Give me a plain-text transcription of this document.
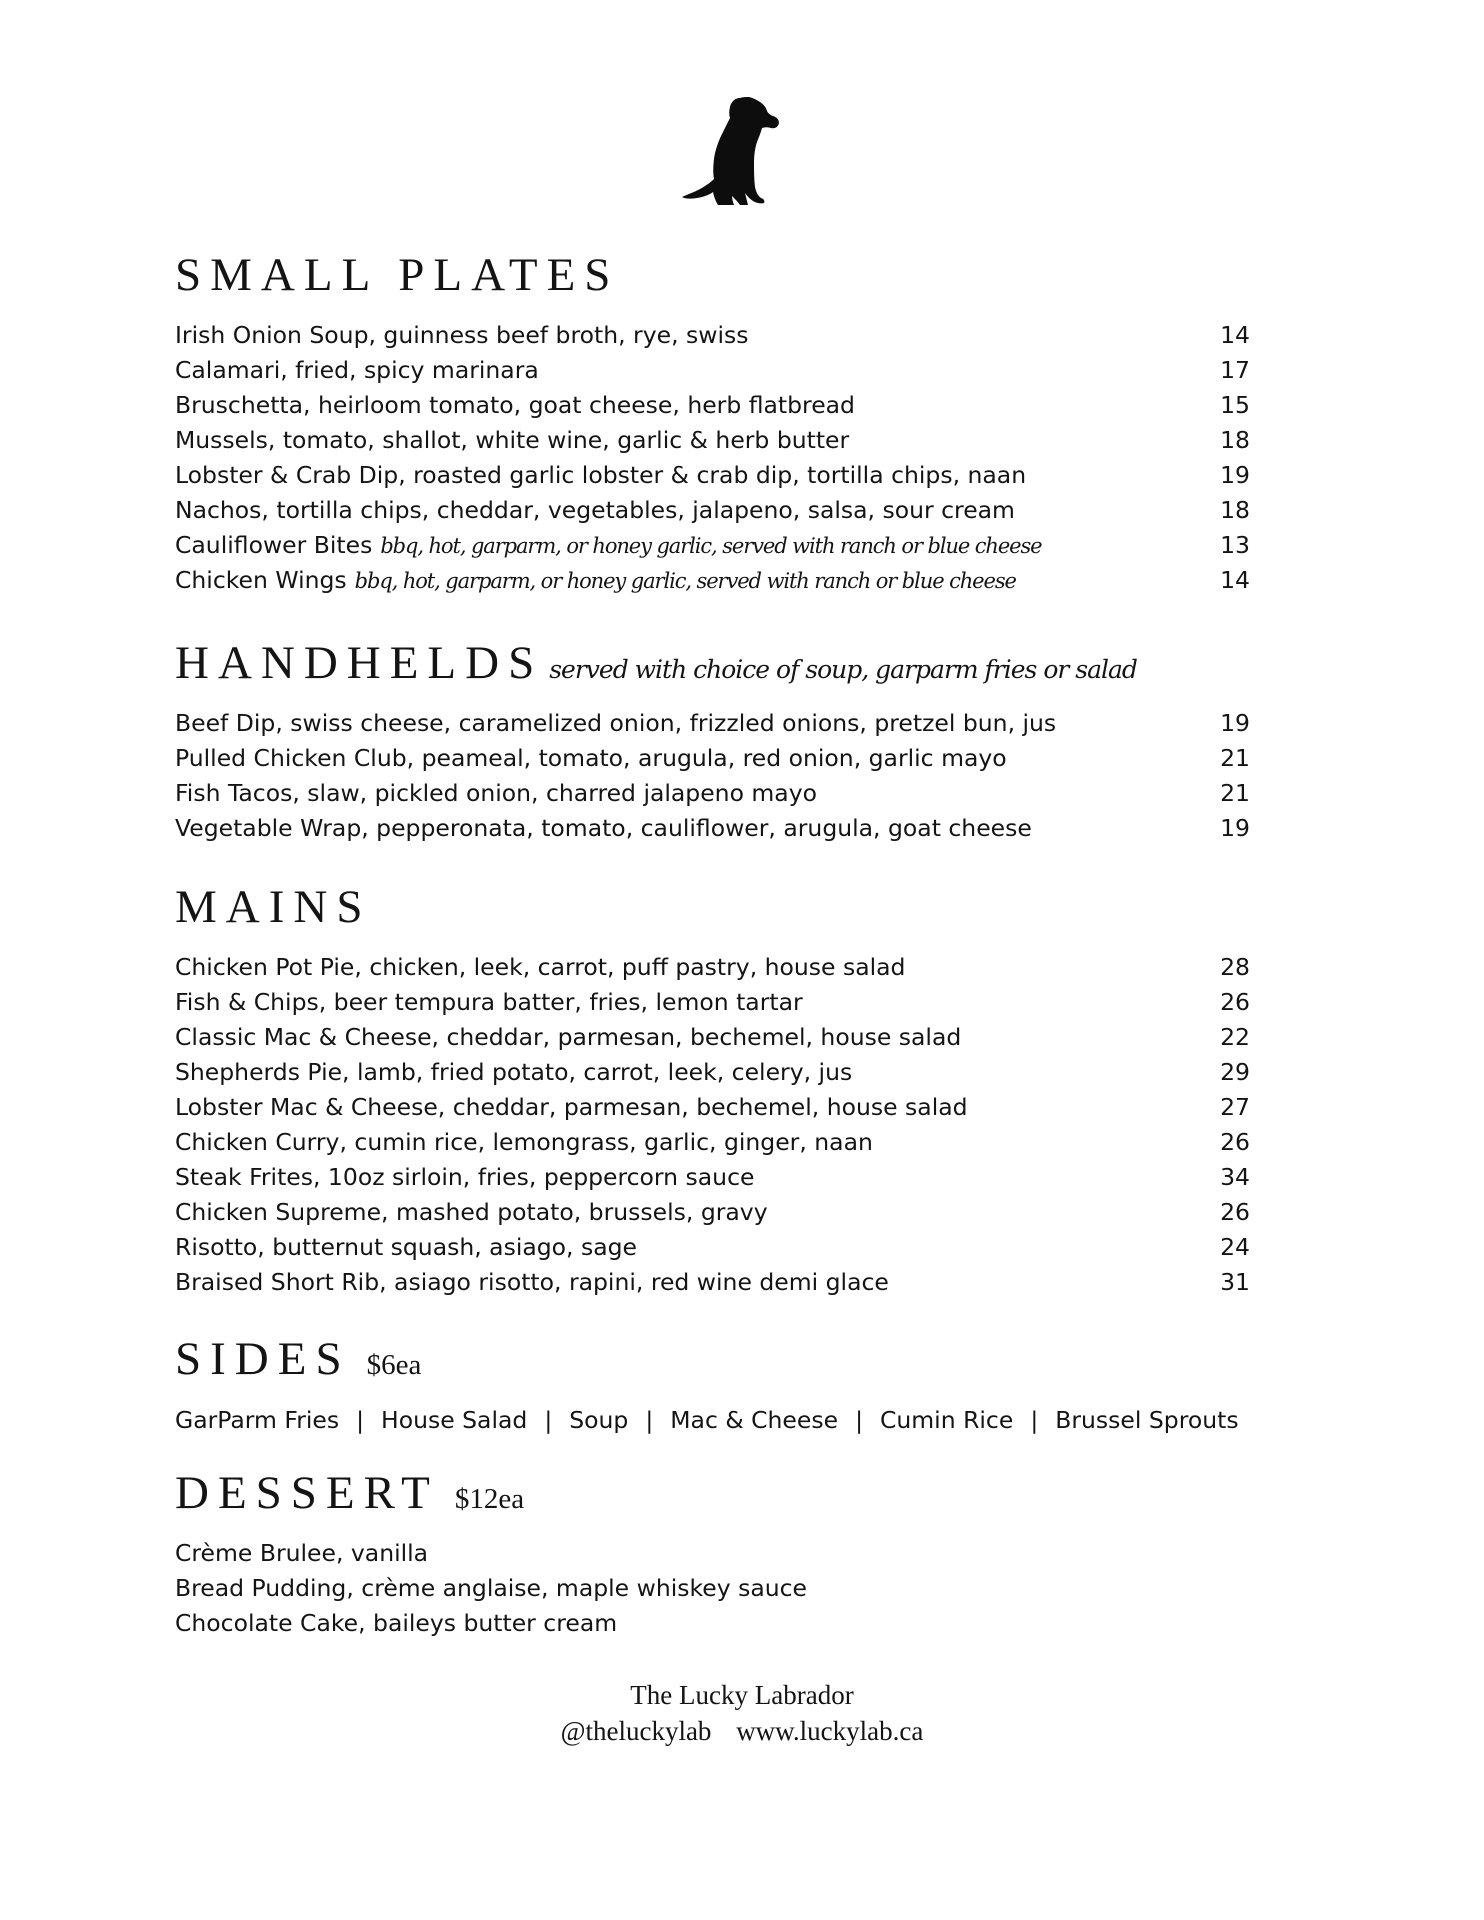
SMALL PLATES
Irish Onion Soup, guinness beef broth, rye, swiss	14
Calamari, fried, spicy marinara	17
Bruschetta, heirloom tomato, goat cheese, herb flatbread	15
Mussels, tomato, shallot, white wine, garlic & herb butter	18
Lobster & Crab Dip, roasted garlic lobster & crab dip, tortilla chips, naan	19
Nachos, tortilla chips, cheddar, vegetables, jalapeno, salsa, sour cream	18
Cauliflower Bites bbq, hot, garparm, or honey garlic, served with ranch or blue cheese	13
Chicken Wings bbq, hot, garparm, or honey garlic, served with ranch or blue cheese	14
HANDHELDS served with choice of soup, garparm fries or salad
Beef Dip, swiss cheese, caramelized onion, frizzled onions, pretzel bun, jus	19
Pulled Chicken Club, peameal, tomato, arugula, red onion, garlic mayo	21
Fish Tacos, slaw, pickled onion, charred jalapeno mayo	21
Vegetable Wrap, pepperonata, tomato, cauliflower, arugula, goat cheese	19
MAINS
Chicken Pot Pie, chicken, leek, carrot, puff pastry, house salad	28
Fish & Chips, beer tempura batter, fries, lemon tartar	26
Classic Mac & Cheese, cheddar, parmesan, bechemel, house salad	22
Shepherds Pie, lamb, fried potato, carrot, leek, celery, jus	29
Lobster Mac & Cheese, cheddar, parmesan, bechemel, house salad	27
Chicken Curry, cumin rice, lemongrass, garlic, ginger, naan	26
Steak Frites, 10oz sirloin, fries, peppercorn sauce	34
Chicken Supreme, mashed potato, brussels, gravy	26
Risotto, butternut squash, asiago, sage	24
Braised Short Rib, asiago risotto, rapini, red wine demi glace	31
SIDES $6ea
GarParm Fries | House Salad | Soup | Mac & Cheese | Cumin Rice | Brussel Sprouts
DESSERT $12ea
Crème Brulee, vanilla
Bread Pudding, crème anglaise, maple whiskey sauce
Chocolate Cake, baileys butter cream
The Lucky Labrador
@theluckylab www.luckylab.ca
